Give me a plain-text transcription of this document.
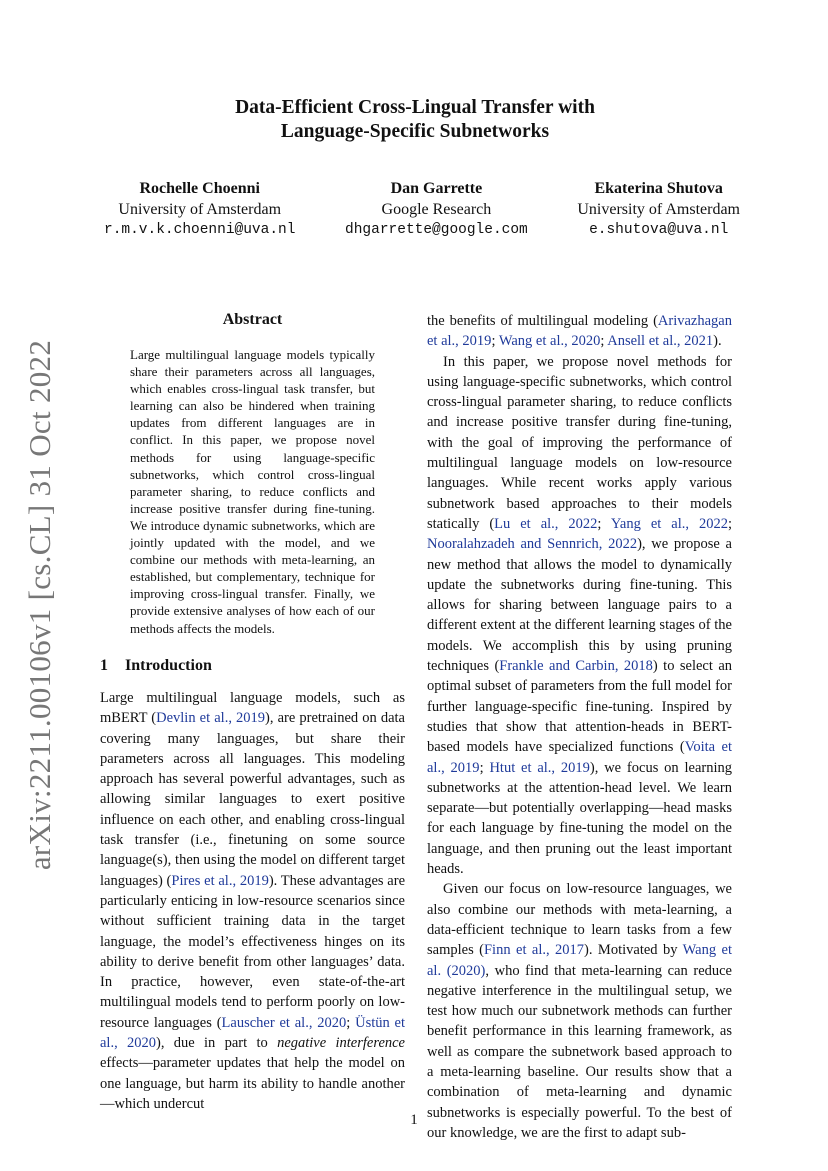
arXiv:2211.00106v1 [cs.CL] 31 Oct 2022
Data-Efficient Cross-Lingual Transfer with
Language-Specific Subnetworks
Rochelle Choenni
University of Amsterdam
r.m.v.k.choenni@uva.nl
Dan Garrette
Google Research
dhgarrette@google.com
Ekaterina Shutova
University of Amsterdam
e.shutova@uva.nl
Abstract
Large multilingual language models typically share their parameters across all languages, which enables cross-lingual task transfer, but learning can also be hindered when training updates from different languages are in conflict. In this paper, we propose novel methods for using language-specific subnetworks, which control cross-lingual parameter sharing, to reduce conflicts and increase positive transfer during fine-tuning. We introduce dynamic subnetworks, which are jointly updated with the model, and we combine our methods with meta-learning, an established, but complementary, technique for improving cross-lingual transfer. Finally, we provide extensive analyses of how each of our methods affects the models.
1 Introduction

Large multilingual language models, such as mBERT (Devlin et al., 2019), are pretrained on data covering many languages, but share their parameters across all languages. This modeling approach has several powerful advantages, such as allowing similar languages to exert positive influence on each other, and enabling cross-lingual task transfer (i.e., finetuning on some source language(s), then using the model on different target languages) (Pires et al., 2019). These advantages are particularly enticing in low-resource scenarios since without sufficient training data in the target language, the model’s effectiveness hinges on its ability to derive benefit from other languages’ data. In practice, however, even state-of-the-art multilingual models tend to perform poorly on low-resource languages (Lauscher et al., 2020; Üstün et al., 2020), due in part to negative interference effects—parameter updates that help the model on one language, but harm its ability to handle another—which undercut

the benefits of multilingual modeling (Arivazhagan et al., 2019; Wang et al., 2020; Ansell et al., 2021).

In this paper, we propose novel methods for using language-specific subnetworks, which control cross-lingual parameter sharing, to reduce conflicts and increase positive transfer during fine-tuning, with the goal of improving the performance of multilingual language models on low-resource languages. While recent works apply various subnetwork based approaches to their models statically (Lu et al., 2022; Yang et al., 2022; Nooralahzadeh and Sennrich, 2022), we propose a new method that allows the model to dynamically update the subnetworks during fine-tuning. This allows for sharing between language pairs to a different extent at the different learning stages of the models. We accomplish this by using pruning techniques (Frankle and Carbin, 2018) to select an optimal subset of parameters from the full model for further language-specific fine-tuning. Inspired by studies that show that attention-heads in BERT-based models have specialized functions (Voita et al., 2019; Htut et al., 2019), we focus on learning subnetworks at the attention-head level. We learn separate—but potentially overlapping—head masks for each language by fine-tuning the model on the language, and then pruning out the least important heads.

Given our focus on low-resource languages, we also combine our methods with meta-learning, a data-efficient technique to learn tasks from a few samples (Finn et al., 2017). Motivated by Wang et al. (2020), who find that meta-learning can reduce negative interference in the multilingual setup, we test how much our subnetwork methods can further benefit performance in this learning framework, as well as compare the subnetwork based approach to a meta-learning baseline. Our results show that a combination of meta-learning and dynamic subnetworks is especially powerful. To the best of our knowledge, we are the first to adapt sub-

1
